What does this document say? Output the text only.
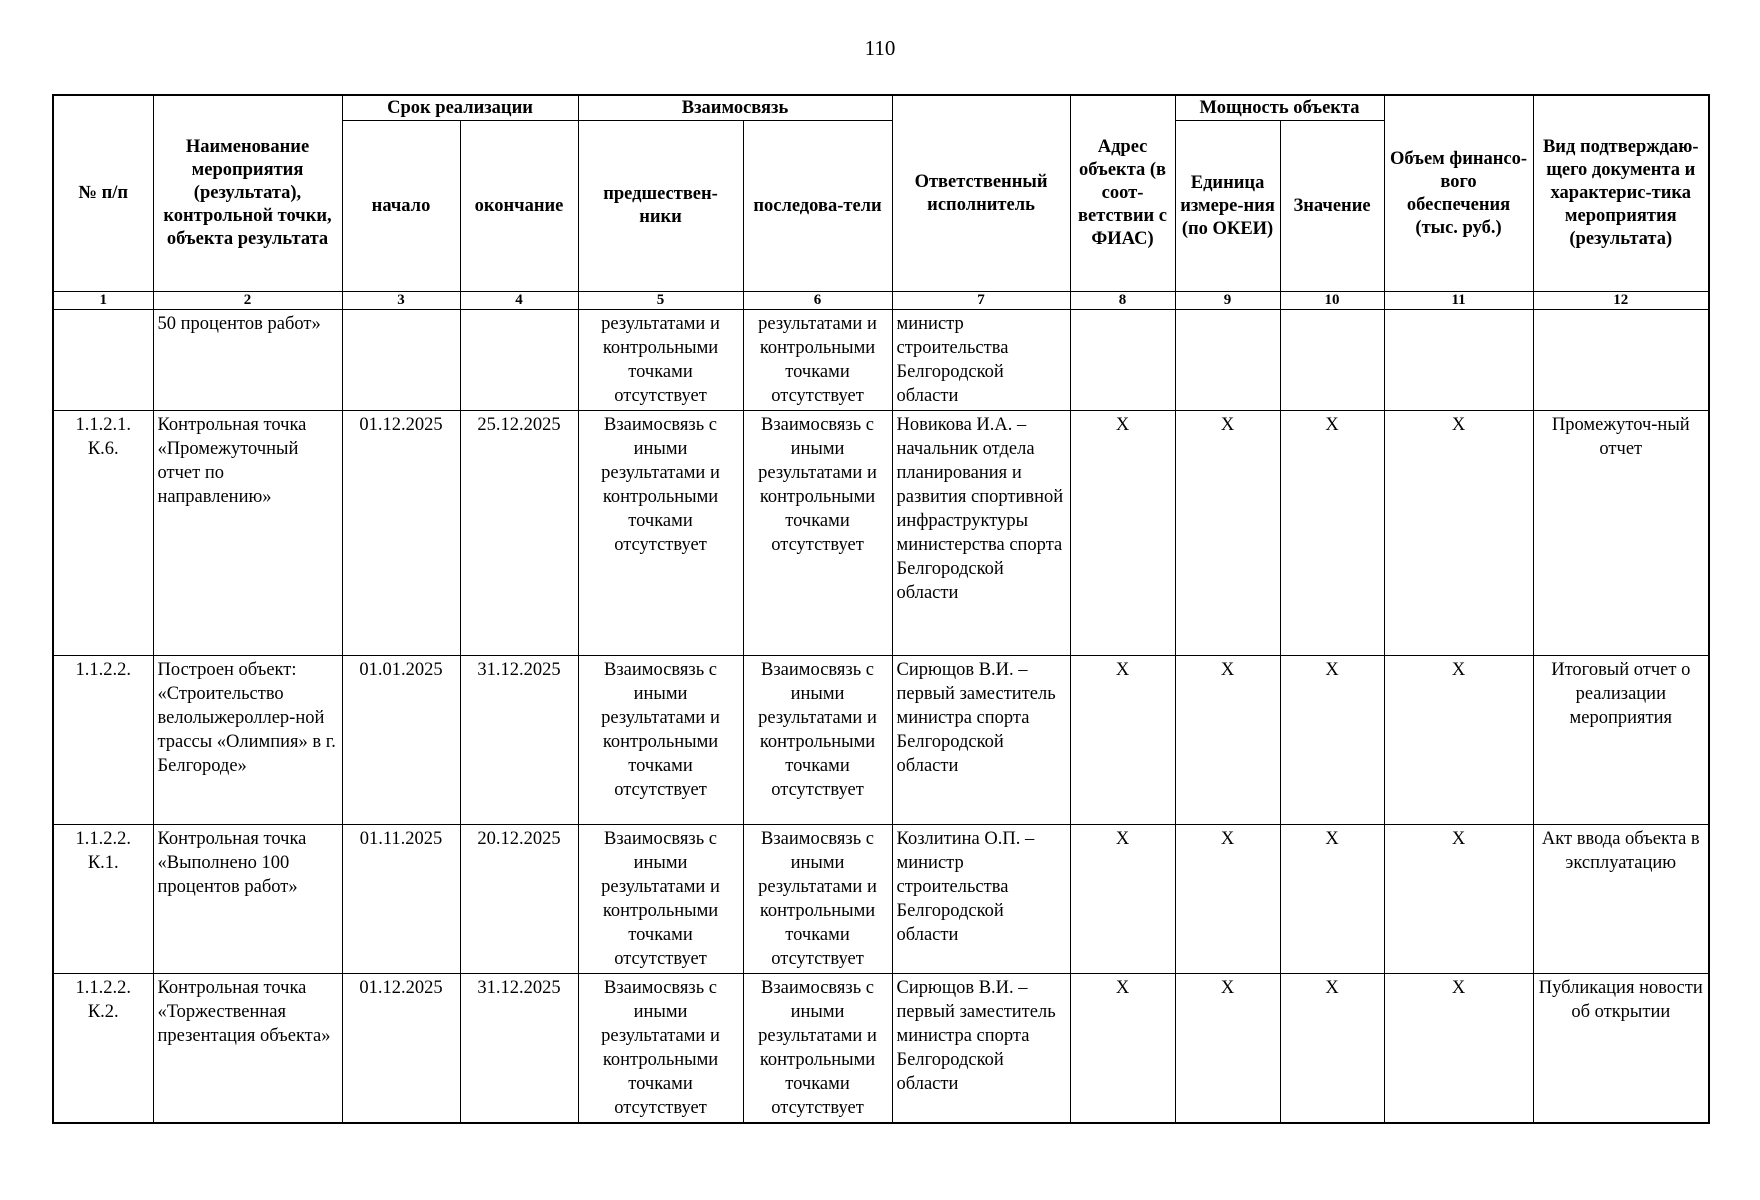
110
№ п/п	Наименование мероприятия (результата), контрольной точки, объекта результата	Срок реализации		Взаимосвязь		Ответственный исполнитель	Адрес объекта (в соот-ветствии с ФИАС)	Мощность объекта		Объем финансо-вого обеспечения (тыс. руб.)	Вид подтверждаю-щего документа и характерис-тика мероприятия (результата)
		начало	окончание	предшествен-ники	последова-тели			Единица измере-ния (по ОКЕИ)	Значение		
1	2	3	4	5	6	7	8	9	10	11	12
	50 процентов работ»			результатами и контрольными точками отсутствует	результатами и контрольными точками отсутствует	министр строительства Белгородской области					
1.1.2.1. К.6.	Контрольная точка «Промежуточный отчет по направлению»	01.12.2025	25.12.2025	Взаимосвязь с иными результатами и контрольными точками отсутствует	Взаимосвязь с иными результатами и контрольными точками отсутствует	Новикова И.А. – начальник отдела планирования и развития спортивной инфраструктуры министерства спорта Белгородской области	Х	Х	Х	Х	Промежуточ-ный отчет
1.1.2.2.	Построен объект: «Строительство велолыжероллер-ной трассы «Олимпия» в г. Белгороде»	01.01.2025	31.12.2025	Взаимосвязь с иными результатами и контрольными точками отсутствует	Взаимосвязь с иными результатами и контрольными точками отсутствует	Сирющов В.И. – первый заместитель министра спорта Белгородской области	Х	Х	Х	Х	Итоговый отчет о реализации мероприятия
1.1.2.2. К.1.	Контрольная точка «Выполнено 100 процентов работ»	01.11.2025	20.12.2025	Взаимосвязь с иными результатами и контрольными точками отсутствует	Взаимосвязь с иными результатами и контрольными точками отсутствует	Козлитина О.П. – министр строительства Белгородской области	Х	Х	Х	Х	Акт ввода объекта в эксплуатацию
1.1.2.2. К.2.	Контрольная точка «Торжественная презентация объекта»	01.12.2025	31.12.2025	Взаимосвязь с иными результатами и контрольными точками отсутствует	Взаимосвязь с иными результатами и контрольными точками отсутствует	Сирющов В.И. – первый заместитель министра спорта Белгородской области	Х	Х	Х	Х	Публикация новости об открытии
